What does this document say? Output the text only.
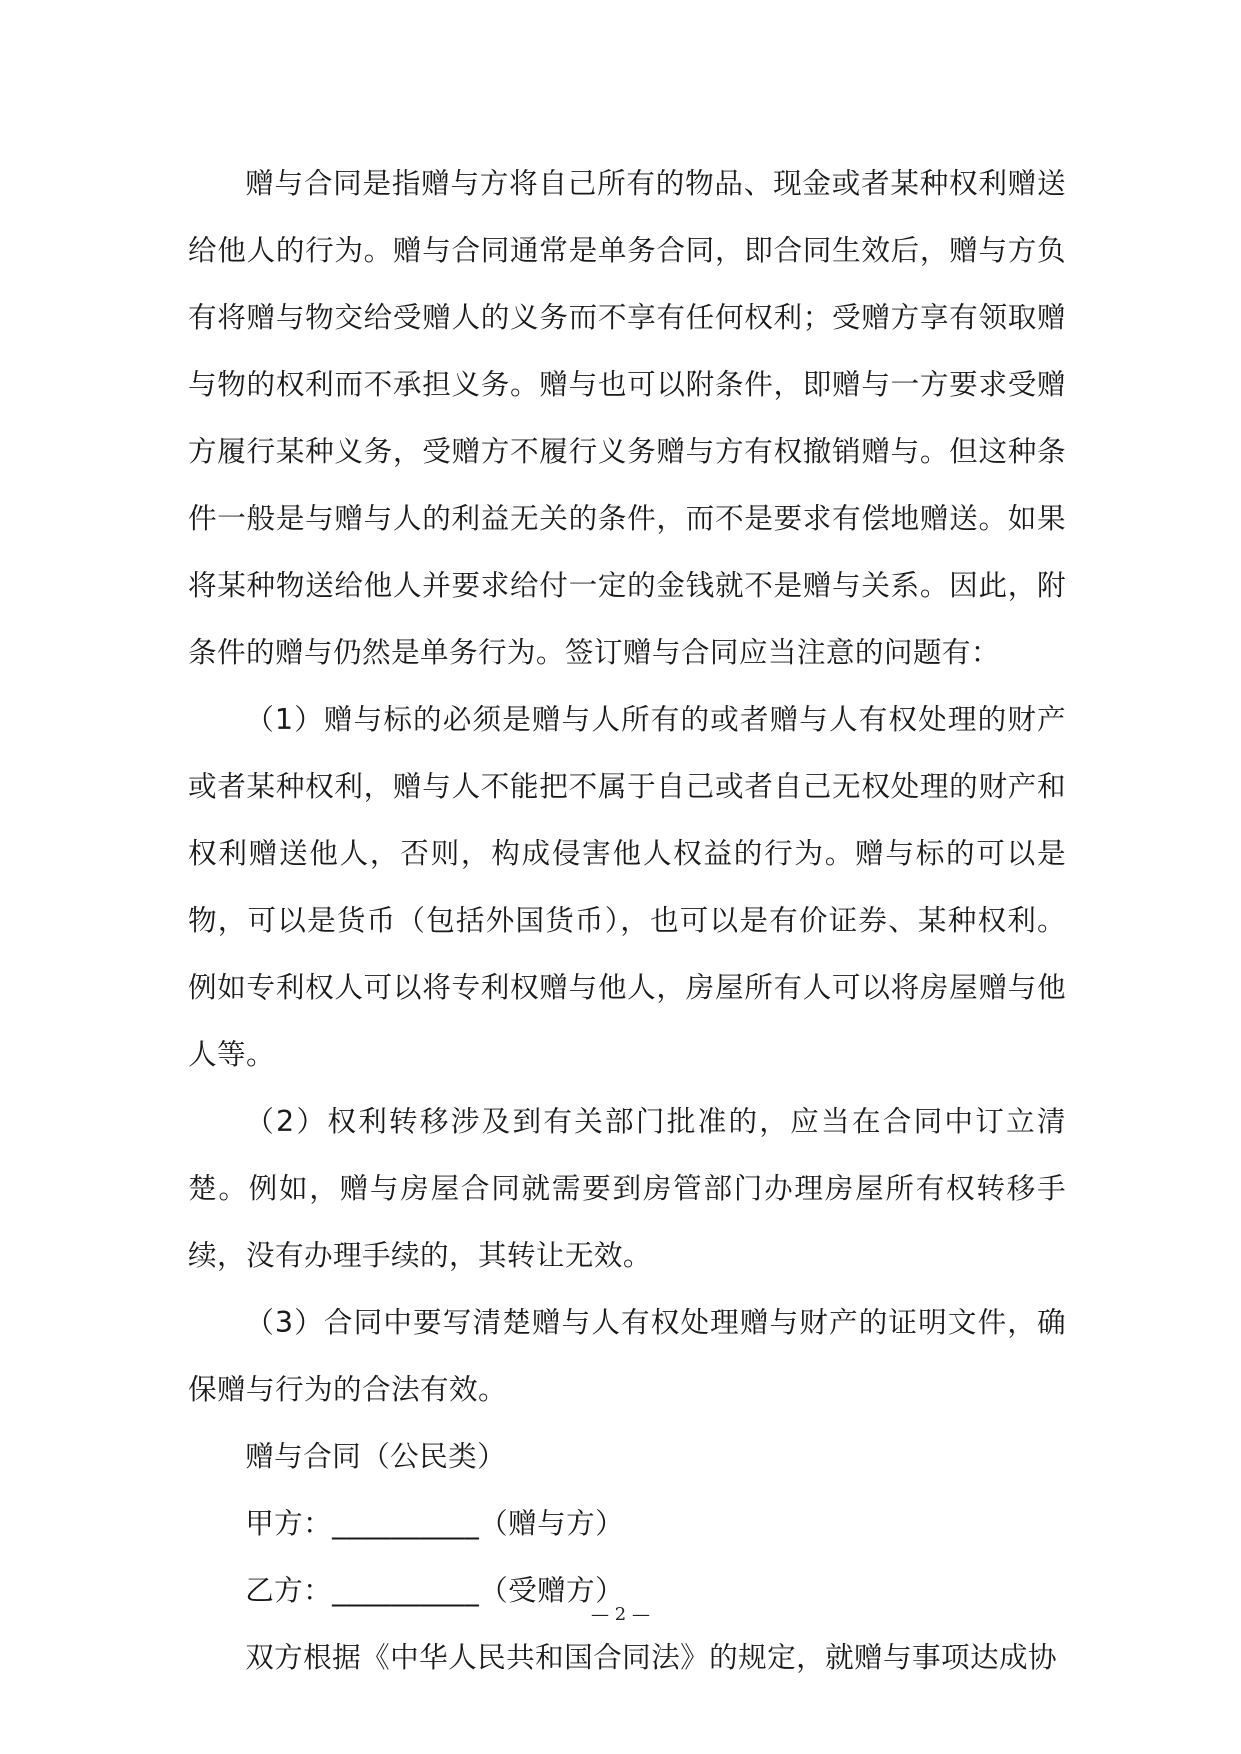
赠与合同是指赠与方将自己所有的物品、现金或者某种权利赠送给他人的行为。赠与合同通常是单务合同，即合同生效后，赠与方负有将赠与物交给受赠人的义务而不享有任何权利；受赠方享有领取赠与物的权利而不承担义务。赠与也可以附条件，即赠与一方要求受赠方履行某种义务，受赠方不履行义务赠与方有权撤销赠与。但这种条件一般是与赠与人的利益无关的条件，而不是要求有偿地赠送。如果将某种物送给他人并要求给付一定的金钱就不是赠与关系。因此，附条件的赠与仍然是单务行为。签订赠与合同应当注意的问题有：

（1）赠与标的必须是赠与人所有的或者赠与人有权处理的财产或者某种权利，赠与人不能把不属于自己或者自己无权处理的财产和权利赠送他人，否则，构成侵害他人权益的行为。赠与标的可以是物，可以是货币（包括外国货币），也可以是有价证券、某种权利。例如专利权人可以将专利权赠与他人，房屋所有人可以将房屋赠与他人等。

（2）权利转移涉及到有关部门批准的，应当在合同中订立清楚。例如，赠与房屋合同就需要到房管部门办理房屋所有权转移手续，没有办理手续的，其转让无效。

（3）合同中要写清楚赠与人有权处理赠与财产的证明文件，确保赠与行为的合法有效。

赠与合同（公民类）

甲方：__________（赠与方）

乙方：__________（受赠方）

双方根据《中华人民共和国合同法》的规定，就赠与事项达成协

— 2 —
